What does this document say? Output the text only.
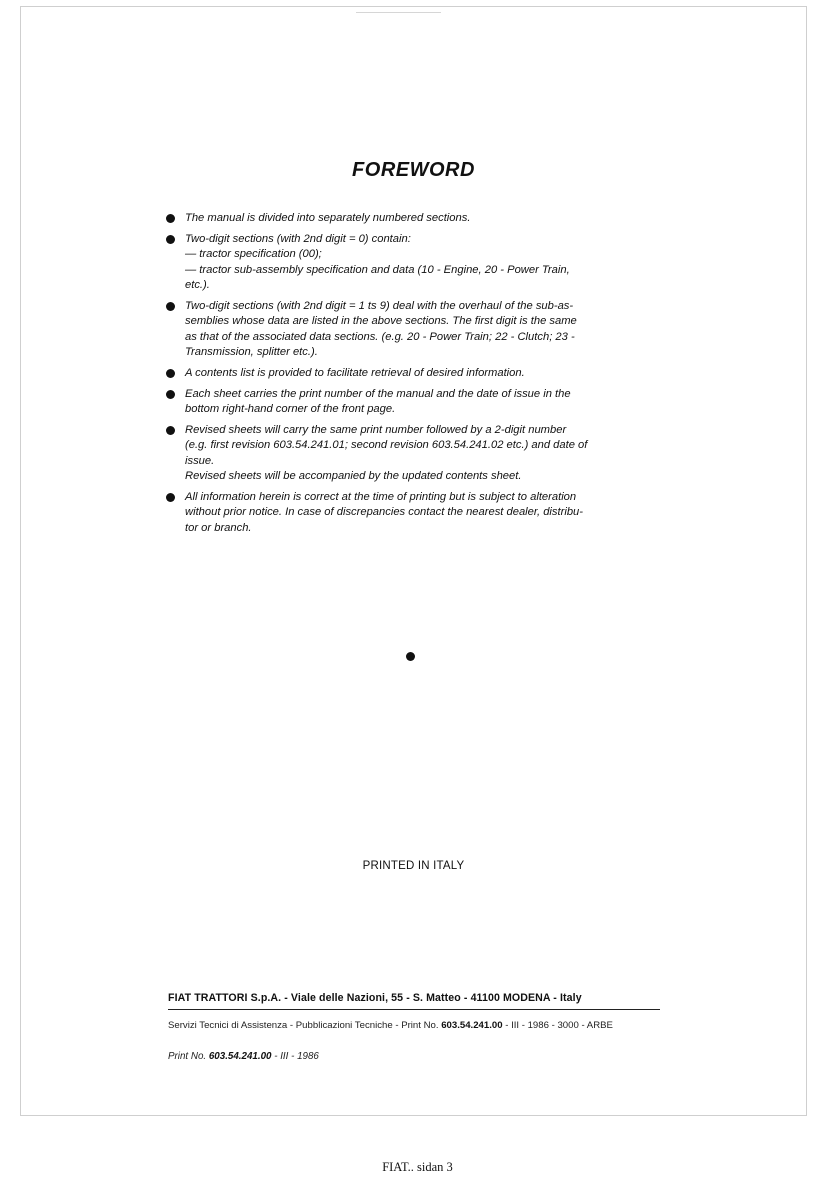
FOREWORD
The manual is divided into separately numbered sections.
Two-digit sections (with 2nd digit = 0) contain:
— tractor specification (00);
— tractor sub-assembly specification and data (10 - Engine, 20 - Power Train,
etc.).
Two-digit sections (with 2nd digit = 1 ts 9) deal with the overhaul of the sub-as-
semblies whose data are listed in the above sections. The first digit is the same
as that of the associated data sections. (e.g. 20 - Power Train; 22 - Clutch; 23 -
Transmission, splitter etc.).
A contents list is provided to facilitate retrieval of desired information.
Each sheet carries the print number of the manual and the date of issue in the
bottom right-hand corner of the front page.
Revised sheets will carry the same print number followed by a 2-digit number
(e.g. first revision 603.54.241.01; second revision 603.54.241.02 etc.) and date of
issue.
Revised sheets will be accompanied by the updated contents sheet.
All information herein is correct at the time of printing but is subject to alteration
without prior notice. In case of discrepancies contact the nearest dealer, distribu-
tor or branch.
PRINTED IN ITALY
FIAT TRATTORI S.p.A. - Viale delle Nazioni, 55 - S. Matteo - 41100 MODENA - Italy
Servizi Tecnici di Assistenza - Pubblicazioni Tecniche - Print No. 603.54.241.00 - III - 1986 - 3000 - ARBE
Print No. 603.54.241.00 - III - 1986
FIAT.. sidan 3
